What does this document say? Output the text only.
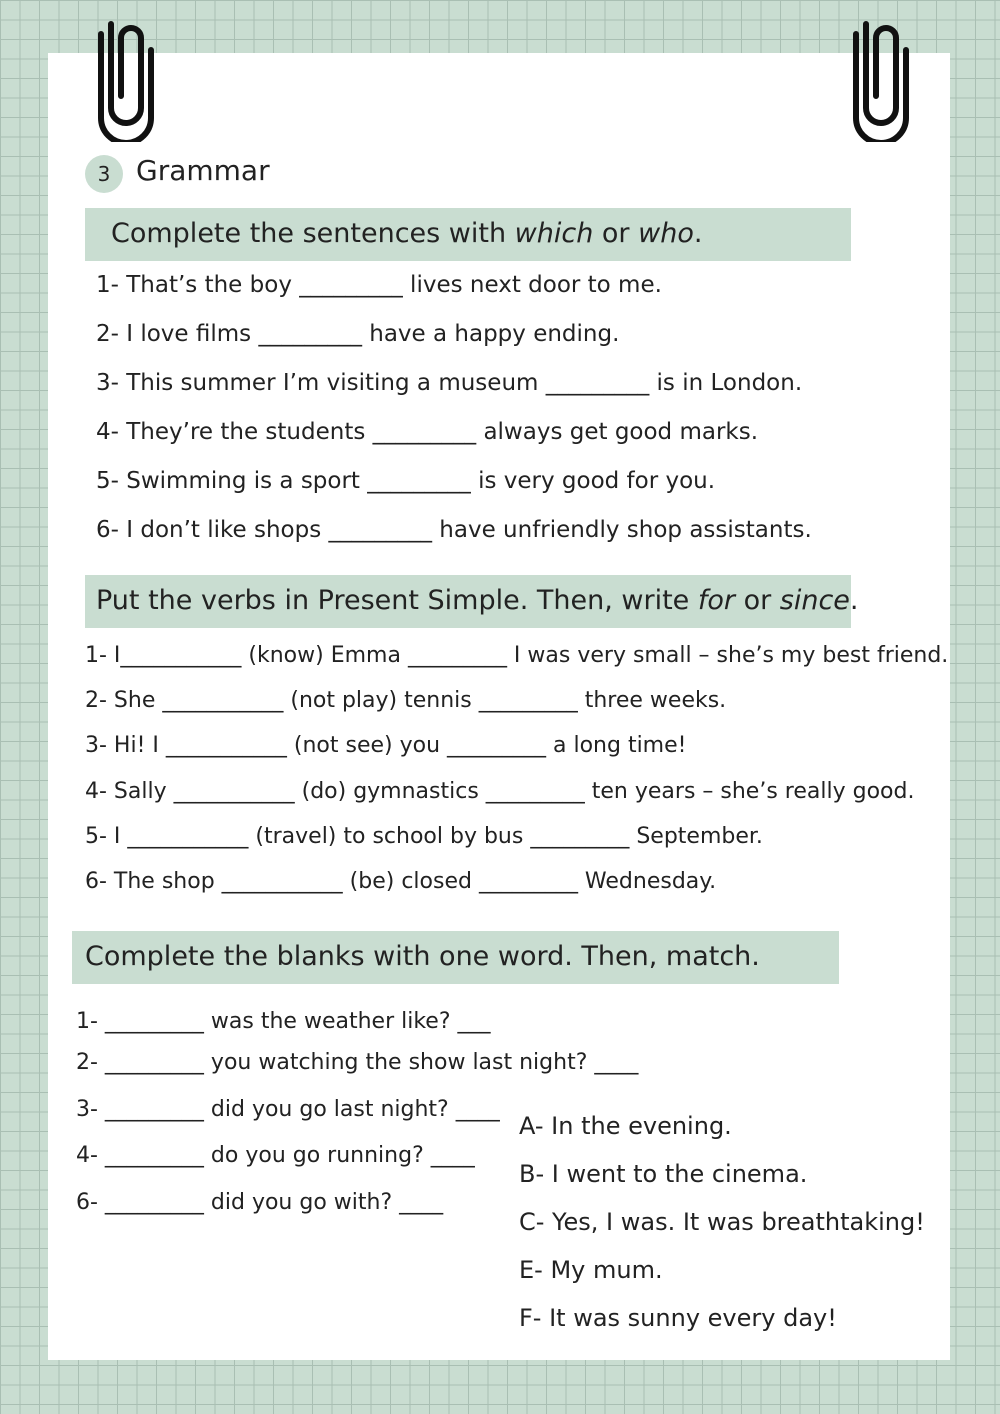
3 Grammar
Complete the sentences with which or who.
1- That’s the boy _________ lives next door to me.
2- I love films _________ have a happy ending.
3- This summer I’m visiting a museum _________ is in London.
4- They’re the students _________ always get good marks.
5- Swimming is a sport _________ is very good for you.
6- I don’t like shops _________ have unfriendly shop assistants.
Put the verbs in Present Simple. Then, write for or since.
1- I___________ (know) Emma _________ I was very small – she’s my best friend.
2- She ___________ (not play) tennis _________ three weeks.
3- Hi! I ___________ (not see) you _________ a long time!
4- Sally ___________ (do) gymnastics _________ ten years – she’s really good.
5- I ___________ (travel) to school by bus _________ September.
6- The shop ___________ (be) closed _________ Wednesday.
Complete the blanks with one word. Then, match.
1- _________ was the weather like? ___
2- _________ you watching the show last night? ____
3- _________ did you go last night? ____
4- _________ do you go running? ____
6- _________ did you go with? ____
A- In the evening.
B- I went to the cinema.
C- Yes, I was. It was breathtaking!
E- My mum.
F- It was sunny every day!
